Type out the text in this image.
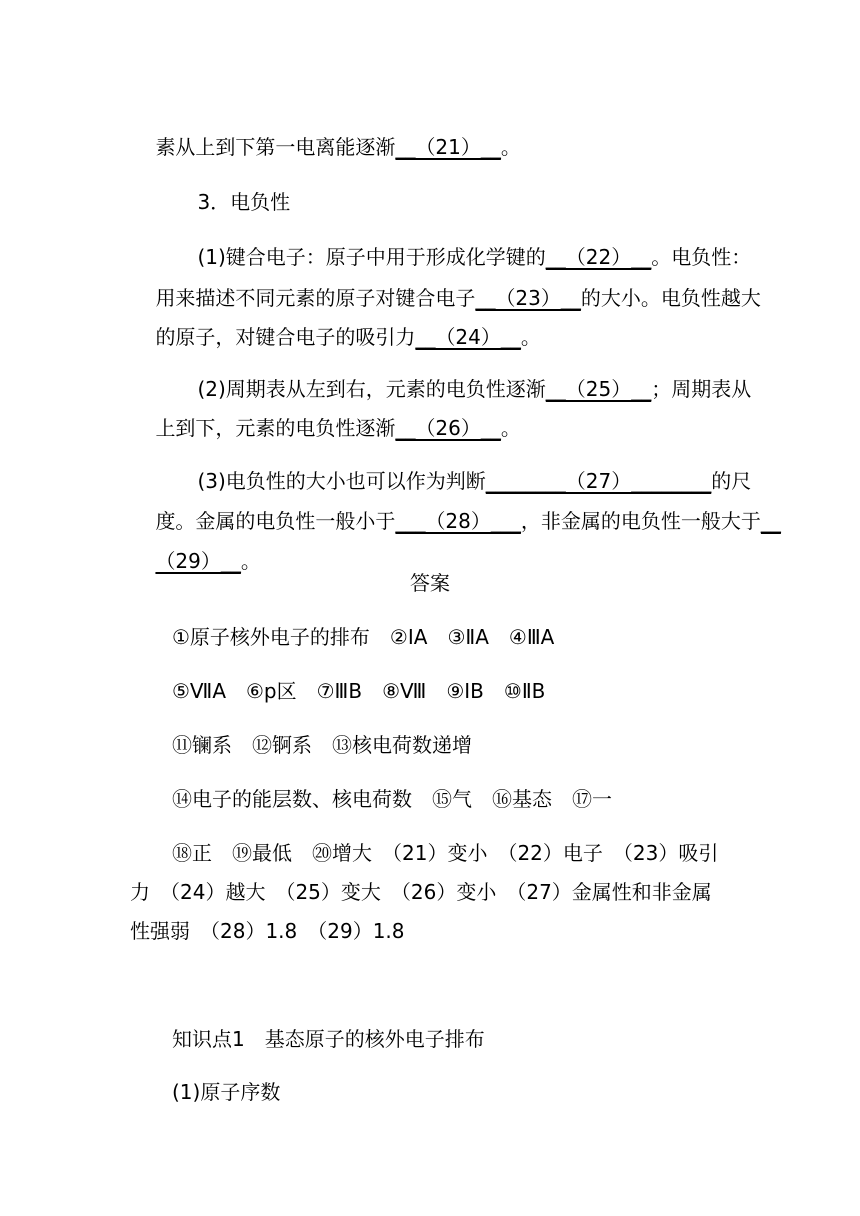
素从上到下第一电离能逐渐__（21）__。

3．电负性

(1)键合电子：原子中用于形成化学键的__（22）__。电负性：

用来描述不同元素的原子对键合电子__（23）__的大小。电负性越大

的原子，对键合电子的吸引力__（24）__。

(2)周期表从左到右，元素的电负性逐渐__（25）__；周期表从

上到下，元素的电负性逐渐__（26）__。

(3)电负性的大小也可以作为判断________（27）________的尺

度。金属的电负性一般小于___（28）___，非金属的电负性一般大于__

（29）__。

答案
①原子核外电子的排布　②ⅠA　③ⅡA　④ⅢA
⑤ⅦA　⑥p区　⑦ⅢB　⑧Ⅷ　⑨ⅠB　⑩ⅡB
⑪镧系　⑫锕系　⑬核电荷数递增
⑭电子的能层数、核电荷数　⑮气　⑯基态　⑰一
⑱正　⑲最低　⑳增大　（21）变小　（22）电子　（23）吸引
力　（24）越大　（25）变大　（26）变小　（27）金属性和非金属
性强弱　（28）1.8　（29）1.8
知识点1　基态原子的核外电子排布
(1)原子序数
